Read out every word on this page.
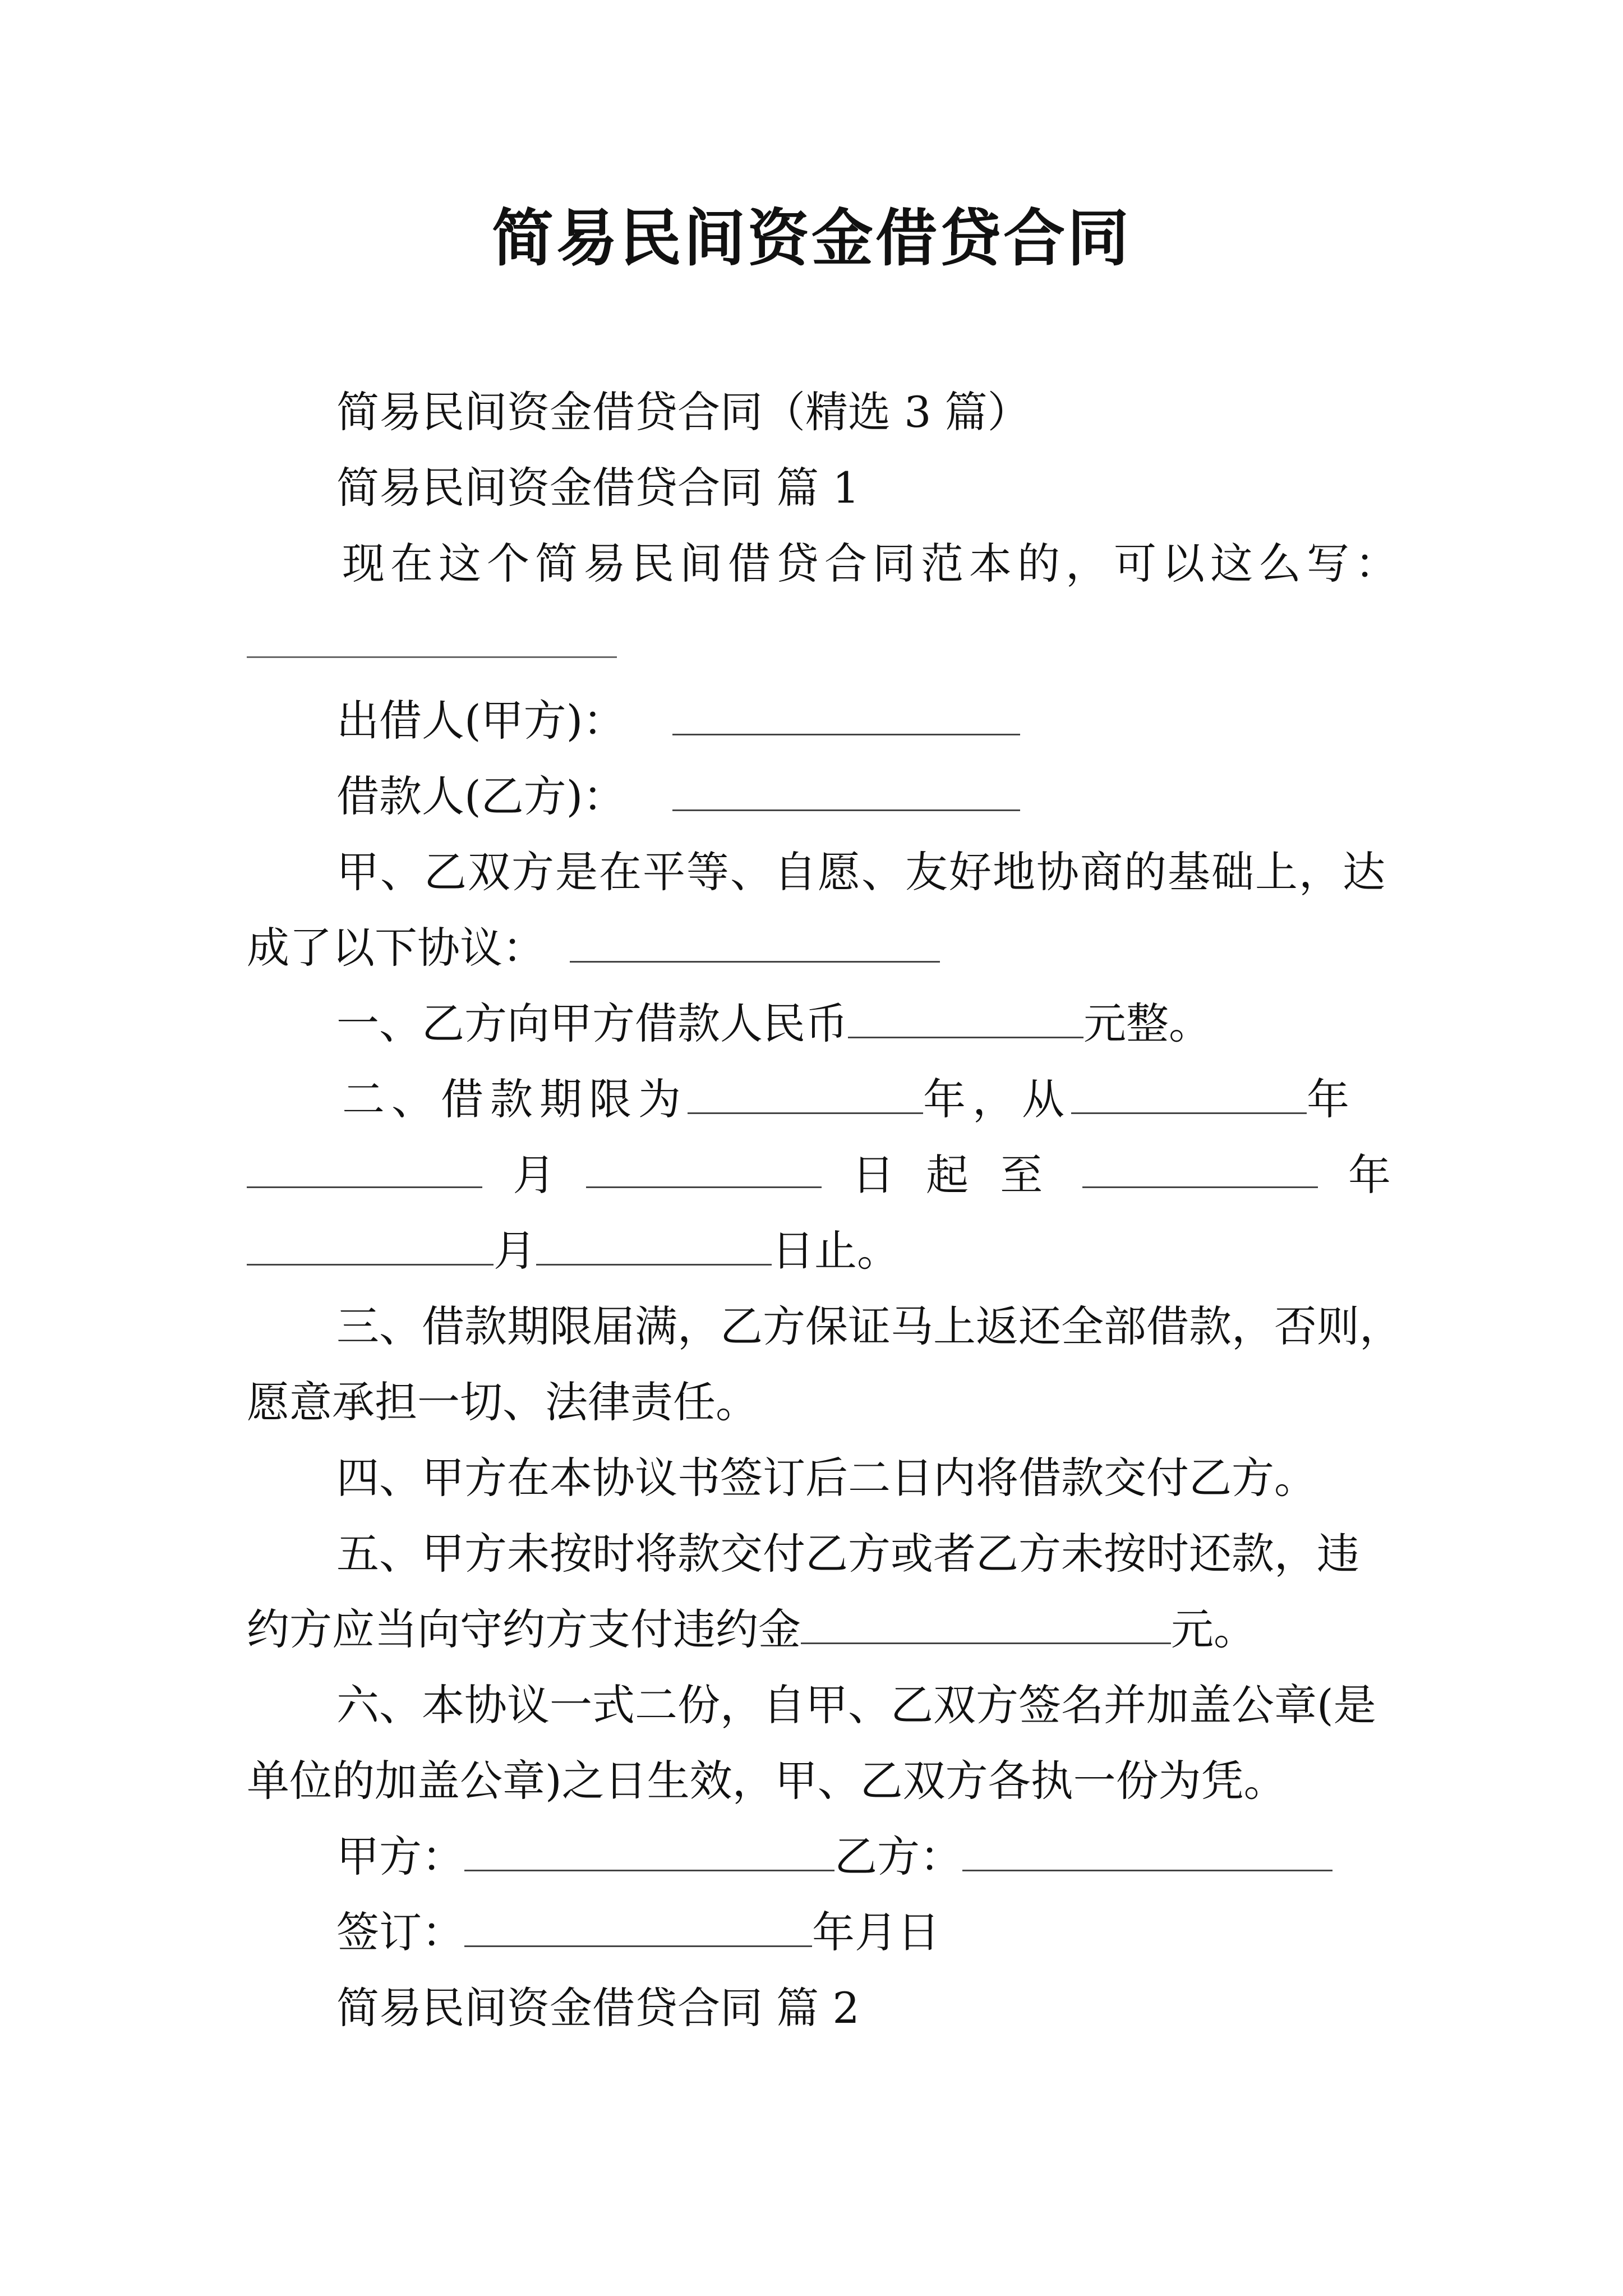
简易民间资金借贷合同
简易民间资金借贷合同（精选 3 篇）
简易民间资金借贷合同 篇 1
现在这个简易民间借贷合同范本的，可以这么写：
出借人(甲方)：
借款人(乙方)：
甲、乙双方是在平等、自愿、友好地协商的基础上，达
成了以下协议：
一、乙方向甲方借款人民币	元整。
二、借款期限为	年，从	年
月	日 起 至	年
月	日止。
三、借款期限届满，乙方保证马上返还全部借款，否则，
愿意承担一切、法律责任。
四、甲方在本协议书签订后二日内将借款交付乙方。
五、甲方未按时将款交付乙方或者乙方未按时还款，违
约方应当向守约方支付违约金	元。
六、本协议一式二份，自甲、乙双方签名并加盖公章(是
单位的加盖公章)之日生效，甲、乙双方各执一份为凭。
甲方：	乙方：
签订：	年月日
简易民间资金借贷合同 篇 2
